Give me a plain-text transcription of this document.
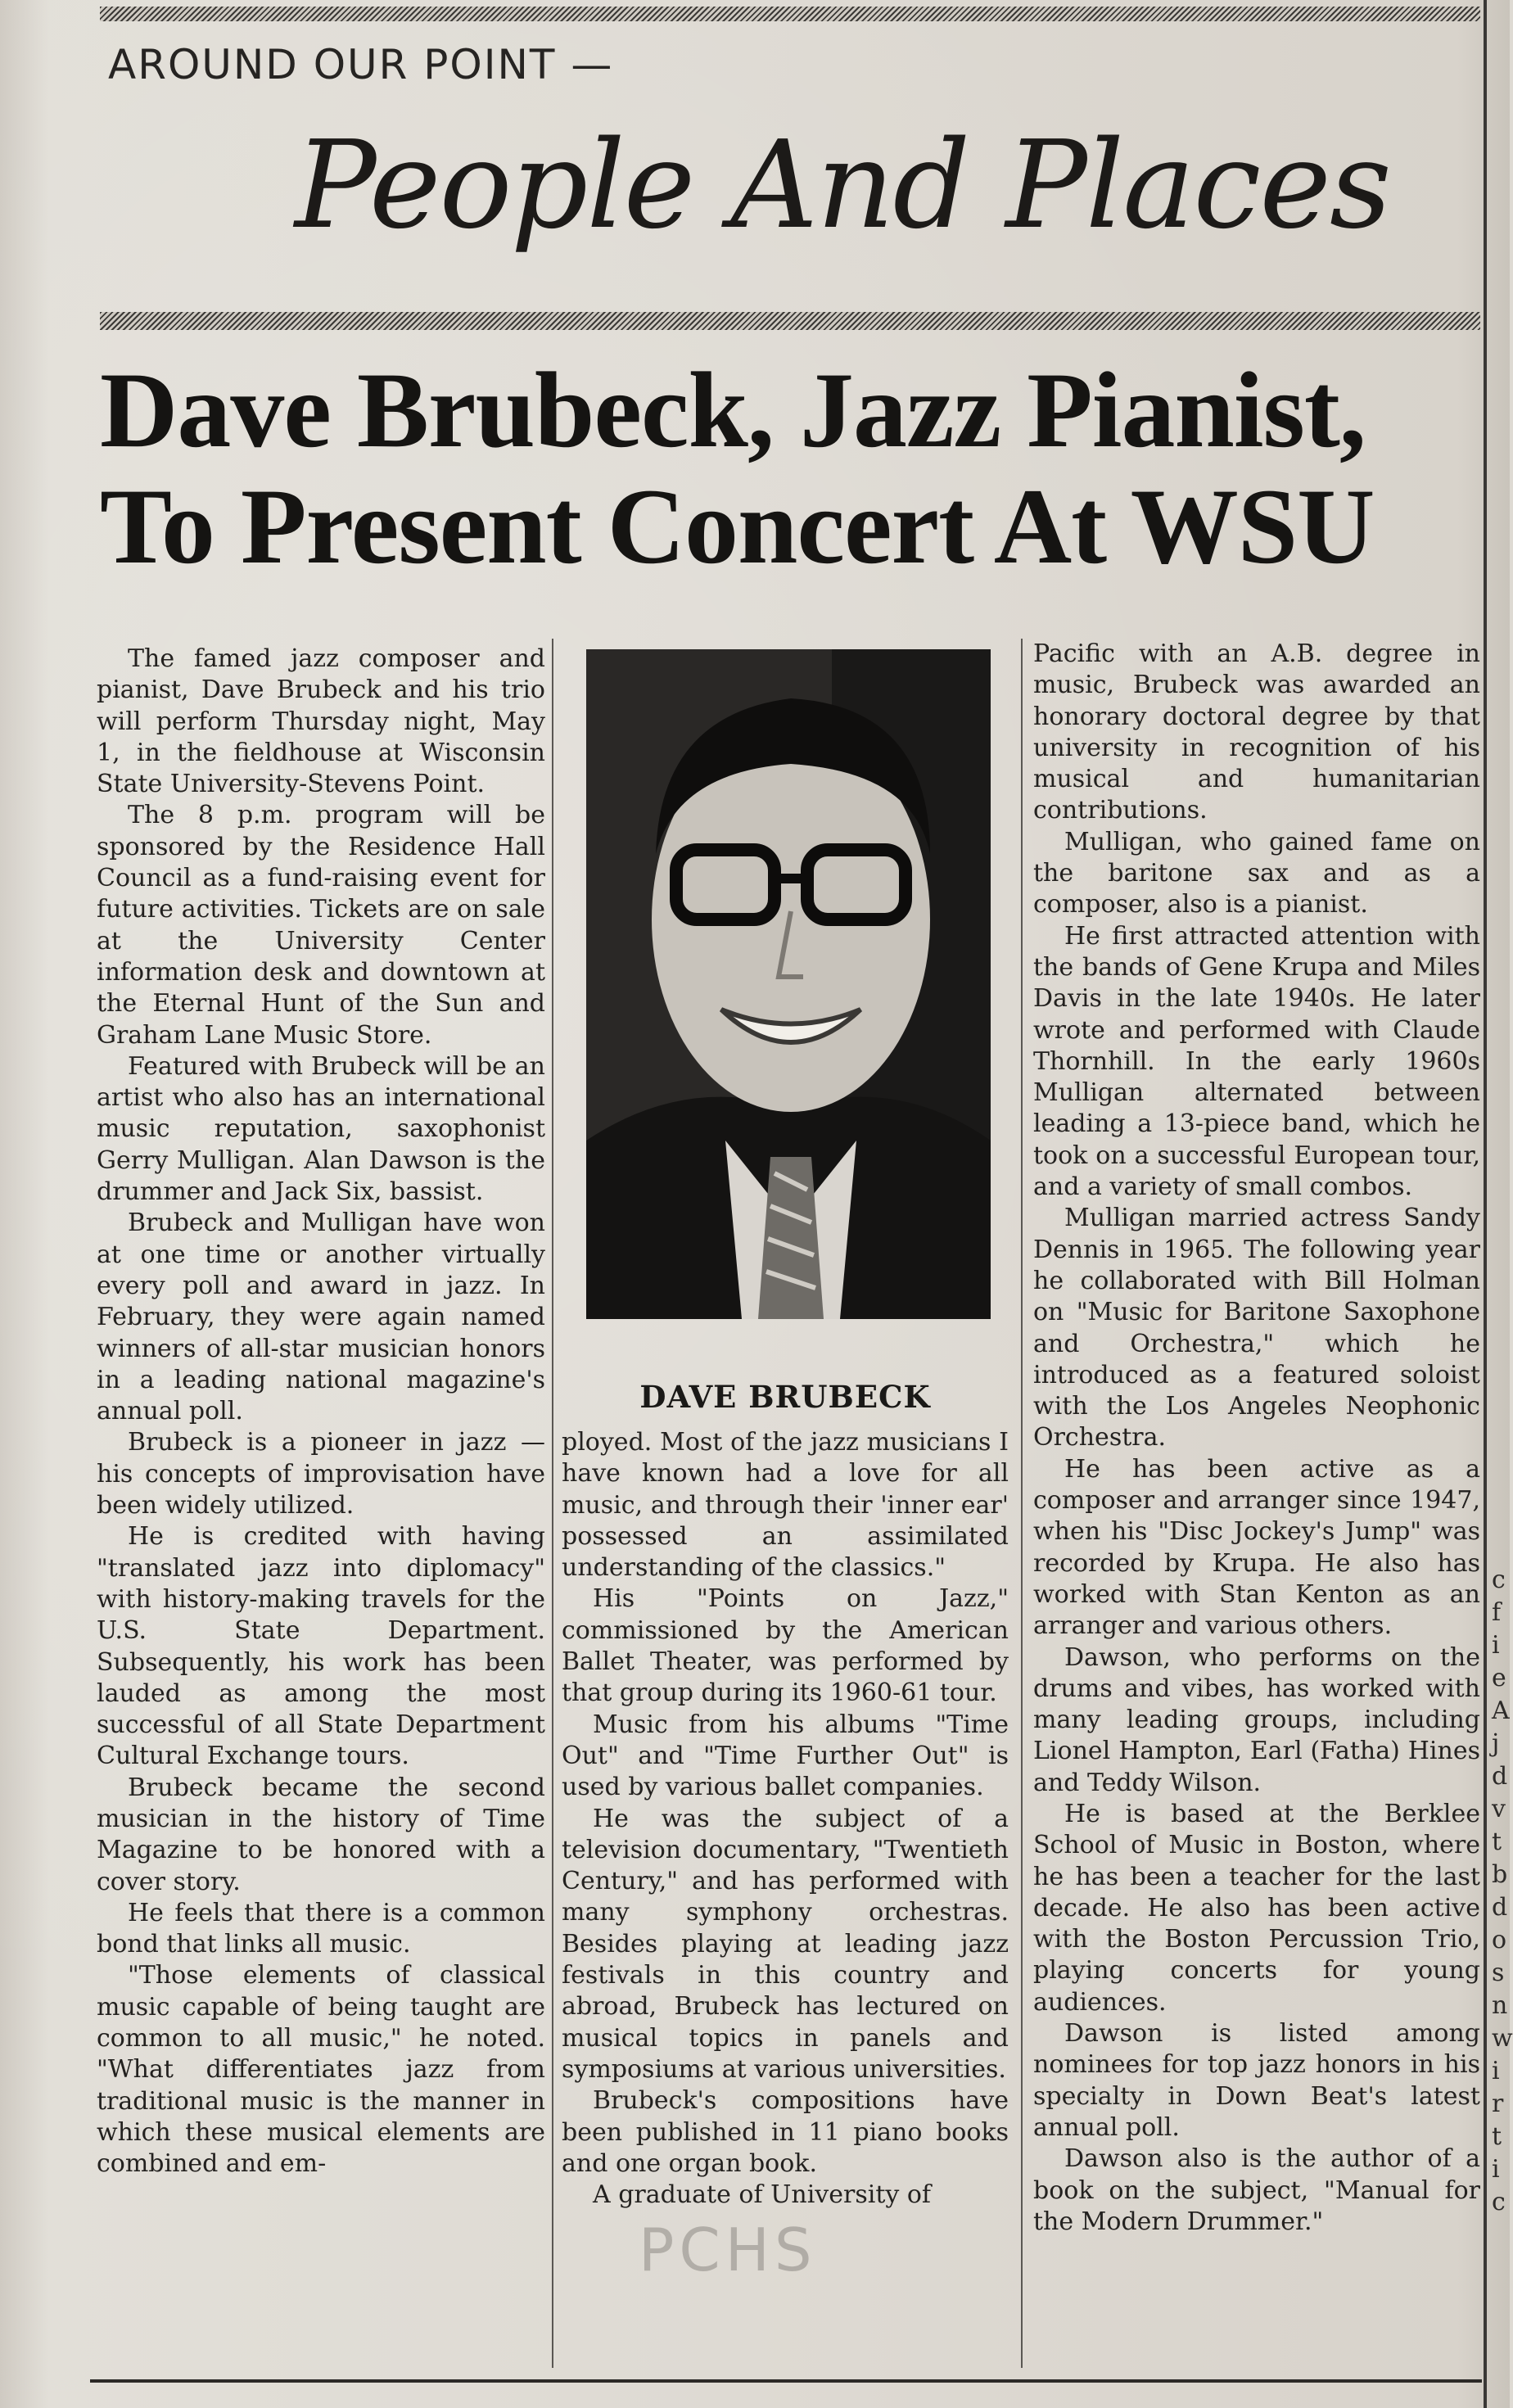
AROUND OUR POINT —
People And Places
Dave Brubeck, Jazz Pianist,
To Present Concert At WSU

The famed jazz composer and pianist, Dave Brubeck and his trio will perform Thursday night, May 1, in the fieldhouse at Wisconsin State University-Stevens Point.

The 8 p.m. program will be sponsored by the Residence Hall Council as a fund-raising event for future activities. Tickets are on sale at the University Center information desk and downtown at the Eternal Hunt of the Sun and Graham Lane Music Store.

Featured with Brubeck will be an artist who also has an international music reputation, saxophonist Gerry Mulligan. Alan Dawson is the drummer and Jack Six, bassist.

Brubeck and Mulligan have won at one time or another virtually every poll and award in jazz. In February, they were again named winners of all-star musician honors in a leading national magazine's annual poll.

Brubeck is a pioneer in jazz — his concepts of improvisation have been widely utilized.

He is credited with having "translated jazz into diplomacy" with history-making travels for the U.S. State Department. Subsequently, his work has been lauded as among the most successful of all State Department Cultural Exchange tours.

Brubeck became the second musician in the history of Time Magazine to be honored with a cover story.

He feels that there is a common bond that links all music.

"Those elements of classical music capable of being taught are common to all music," he noted. "What differentiates jazz from traditional music is the manner in which these musical elements are combined and em-

DAVE BRUBECK

ployed. Most of the jazz musicians I have known had a love for all music, and through their 'inner ear' possessed an assimilated understanding of the classics."

His "Points on Jazz," commissioned by the American Ballet Theater, was performed by that group during its 1960-61 tour.

Music from his albums "Time Out" and "Time Further Out" is used by various ballet companies.

He was the subject of a television documentary, "Twentieth Century," and has performed with many symphony orchestras. Besides playing at leading jazz festivals in this country and abroad, Brubeck has lectured on musical topics in panels and symposiums at various universities.

Brubeck's compositions have been published in 11 piano books and one organ book.

A graduate of University of

Pacific with an A.B. degree in music, Brubeck was awarded an honorary doctoral degree by that university in recognition of his musical and humanitarian contributions.

Mulligan, who gained fame on the baritone sax and as a composer, also is a pianist.

He first attracted attention with the bands of Gene Krupa and Miles Davis in the late 1940s. He later wrote and performed with Claude Thornhill. In the early 1960s Mulligan alternated between leading a 13-piece band, which he took on a successful European tour, and a variety of small combos.

Mulligan married actress Sandy Dennis in 1965. The following year he collaborated with Bill Holman on "Music for Baritone Saxophone and Orchestra," which he introduced as a featured soloist with the Los Angeles Neophonic Orchestra.

He has been active as a composer and arranger since 1947, when his "Disc Jockey's Jump" was recorded by Krupa. He also has worked with Stan Kenton as an arranger and various others.

Dawson, who performs on the drums and vibes, has worked with many leading groups, including Lionel Hampton, Earl (Fatha) Hines and Teddy Wilson.

He is based at the Berklee School of Music in Boston, where he has been a teacher for the last decade. He also has been active with the Boston Percussion Trio, playing concerts for young audiences.

Dawson is listed among nominees for top jazz honors in his specialty in Down Beat's latest annual poll.

Dawson also is the author of a book on the subject, "Manual for the Modern Drummer."

PCHS
c f i e A j d v t b d o s n w i r t i c
